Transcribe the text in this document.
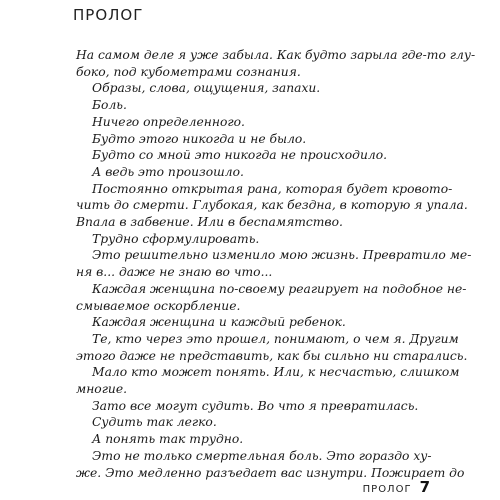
ПРОЛОГ
На самом деле я уже забыла. Как будто зарыла где-то глу-
боко, под кубометрами сознания.
Образы, слова, ощущения, запахи.
Боль.
Ничего определенного.
Будто этого никогда и не было.
Будто со мной это никогда не происходило.
А ведь это произошло.
Постоянно открытая рана, которая будет кровото-
чить до смерти. Глубокая, как бездна, в которую я упала.
Впала в забвение. Или в беспамятство.
Трудно сформулировать.
Это решительно изменило мою жизнь. Превратило ме-
ня в... даже не знаю во что...
Каждая женщина по-своему реагирует на подобное не-
смываемое оскорбление.
Каждая женщина и каждый ребенок.
Те, кто через это прошел, понимают, о чем я. Другим
этого даже не представить, как бы сильно ни старались.
Мало кто может понять. Или, к несчастью, слишком
многие.
Зато все могут судить. Во что я превратилась.
Судить так легко.
А понять так трудно.
Это не только смертельная боль. Это гораздо ху-
же. Это медленно разъедает вас изнутри. Пожирает до
ПРОЛОГ 7
